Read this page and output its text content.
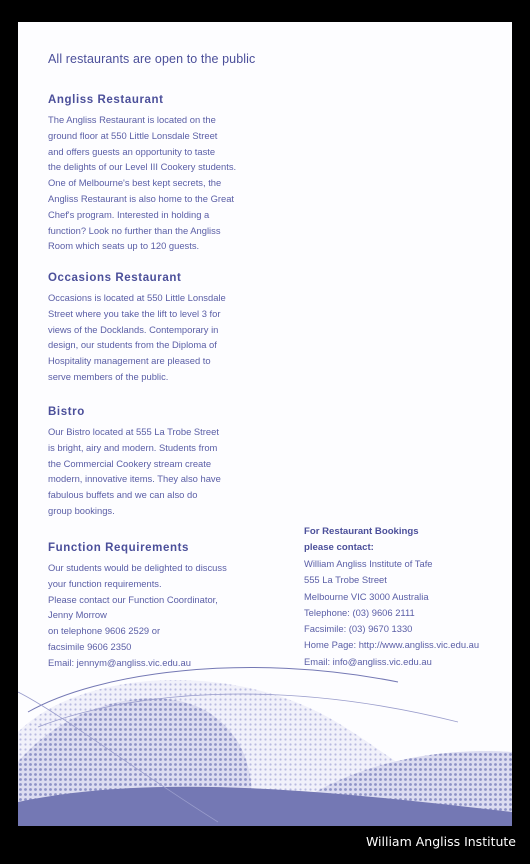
All restaurants are open to the public
Angliss Restaurant
The Angliss Restaurant is located on the
ground floor at 550 Little Lonsdale Street
and offers guests an opportunity to taste
the delights of our Level III Cookery students.
One of Melbourne's best kept secrets, the
Angliss Restaurant is also home to the Great
Chef's program. Interested in holding a
function? Look no further than the Angliss
Room which seats up to 120 guests.
Occasions Restaurant
Occasions is located at 550 Little Lonsdale
Street where you take the lift to level 3 for
views of the Docklands. Contemporary in
design, our students from the Diploma of
Hospitality management are pleased to
serve members of the public.
Bistro
Our Bistro located at 555 La Trobe Street
is bright, airy and modern. Students from
the Commercial Cookery stream create
modern, innovative items. They also have
fabulous buffets and we can also do
group bookings.
Function Requirements
Our students would be delighted to discuss
your function requirements.
Please contact our Function Coordinator,
Jenny Morrow
on telephone 9606 2529 or
facsimile 9606 2350
Email: jennym@angliss.vic.edu.au
For Restaurant Bookings
please contact:
William Angliss Institute of Tafe
555 La Trobe Street
Melbourne VIC 3000 Australia
Telephone: (03) 9606 2111
Facsimile: (03) 9670 1330
Home Page: http://www.angliss.vic.edu.au
Email: info@angliss.vic.edu.au
William Angliss Institute
